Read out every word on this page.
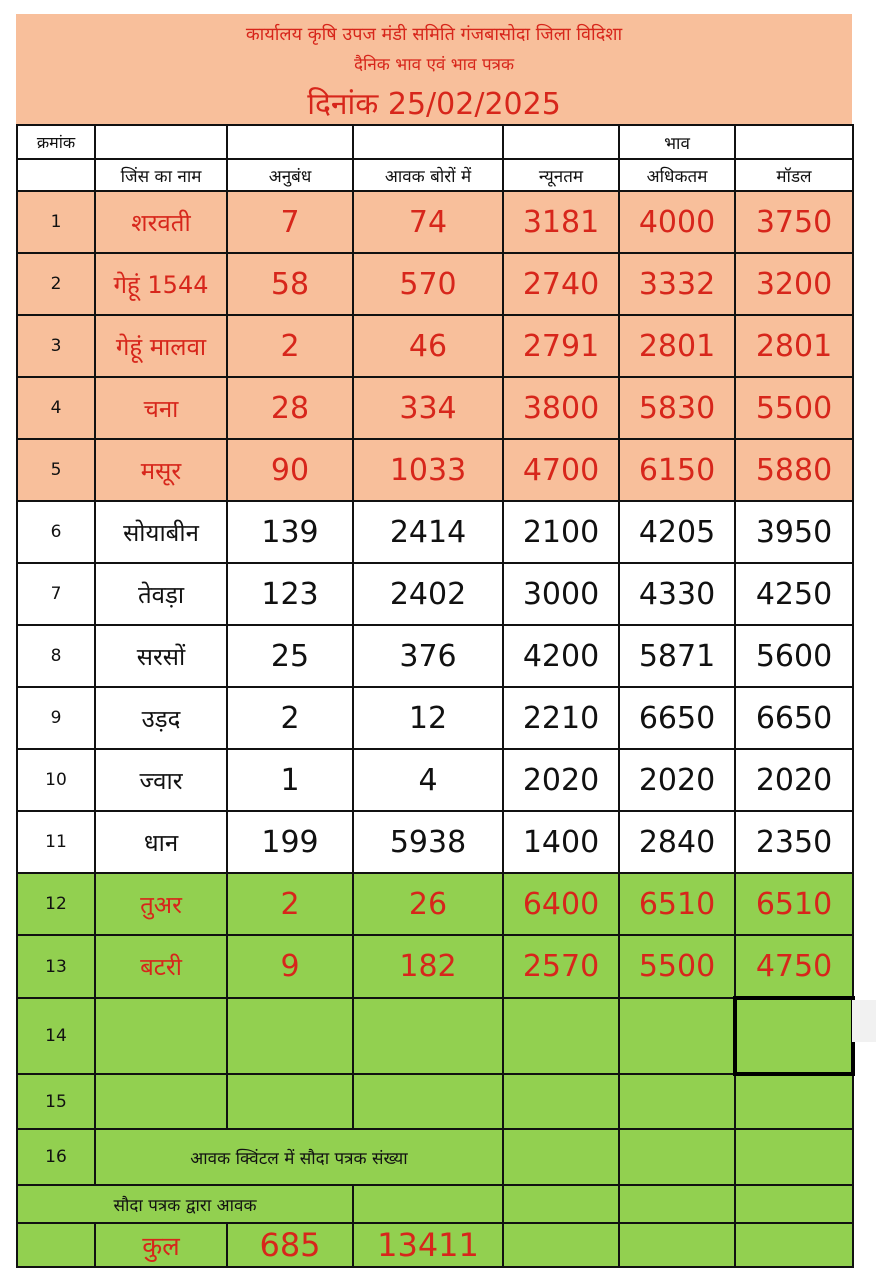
कार्यालय कृषि उपज मंडी समिति गंजबासोदा जिला विदिशा
दैनिक भाव एवं भाव पत्रक
दिनांक 25/02/2025
क्रमांक					भाव	
	जिंस का नाम	अनुबंध	आवक बोरों में	न्यूनतम	अधिकतम	मॉडल
1	शरवती	7	74	3181	4000	3750
2	गेहूं 1544	58	570	2740	3332	3200
3	गेहूं मालवा	2	46	2791	2801	2801
4	चना	28	334	3800	5830	5500
5	मसूर	90	1033	4700	6150	5880
6	सोयाबीन	139	2414	2100	4205	3950
7	तेवड़ा	123	2402	3000	4330	4250
8	सरसों	25	376	4200	5871	5600
9	उड़द	2	12	2210	6650	6650
10	ज्वार	1	4	2020	2020	2020
11	धान	199	5938	1400	2840	2350
12	तुअर	2	26	6400	6510	6510
13	बटरी	9	182	2570	5500	4750
14						
15						
16	आवक क्विंटल में सौदा पत्रक संख्या					
सौदा पत्रक द्वारा आवक						
	कुल	685	13411			
